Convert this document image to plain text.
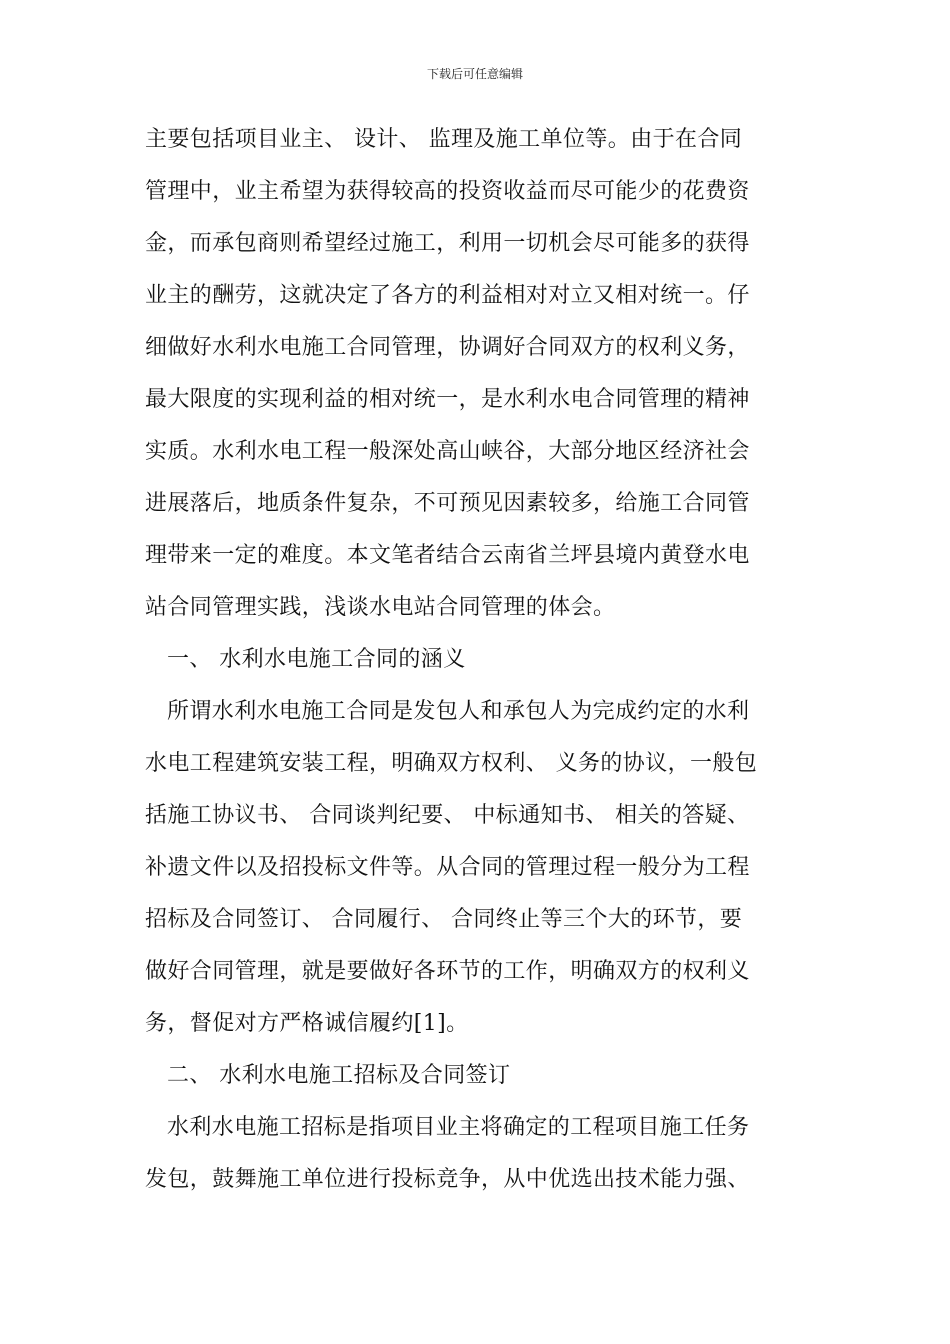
下载后可任意编辑
主要包括项目业主、 设计、 监理及施工单位等。由于在合同
管理中，业主希望为获得较高的投资收益而尽可能少的花费资
金，而承包商则希望经过施工，利用一切机会尽可能多的获得
业主的酬劳，这就决定了各方的利益相对对立又相对统一。仔
细做好水利水电施工合同管理，协调好合同双方的权利义务，
最大限度的实现利益的相对统一，是水利水电合同管理的精神
实质。水利水电工程一般深处高山峡谷，大部分地区经济社会
进展落后，地质条件复杂，不可预见因素较多，给施工合同管
理带来一定的难度。本文笔者结合云南省兰坪县境内黄登水电
站合同管理实践，浅谈水电站合同管理的体会。
一、 水利水电施工合同的涵义
所谓水利水电施工合同是发包人和承包人为完成约定的水利
水电工程建筑安装工程，明确双方权利、 义务的协议，一般包
括施工协议书、 合同谈判纪要、 中标通知书、 相关的答疑、
补遗文件以及招投标文件等。从合同的管理过程一般分为工程
招标及合同签订、 合同履行、 合同终止等三个大的环节，要
做好合同管理，就是要做好各环节的工作，明确双方的权利义
务，督促对方严格诚信履约[1]。
二、 水利水电施工招标及合同签订
水利水电施工招标是指项目业主将确定的工程项目施工任务
发包，鼓舞施工单位进行投标竞争，从中优选出技术能力强、
